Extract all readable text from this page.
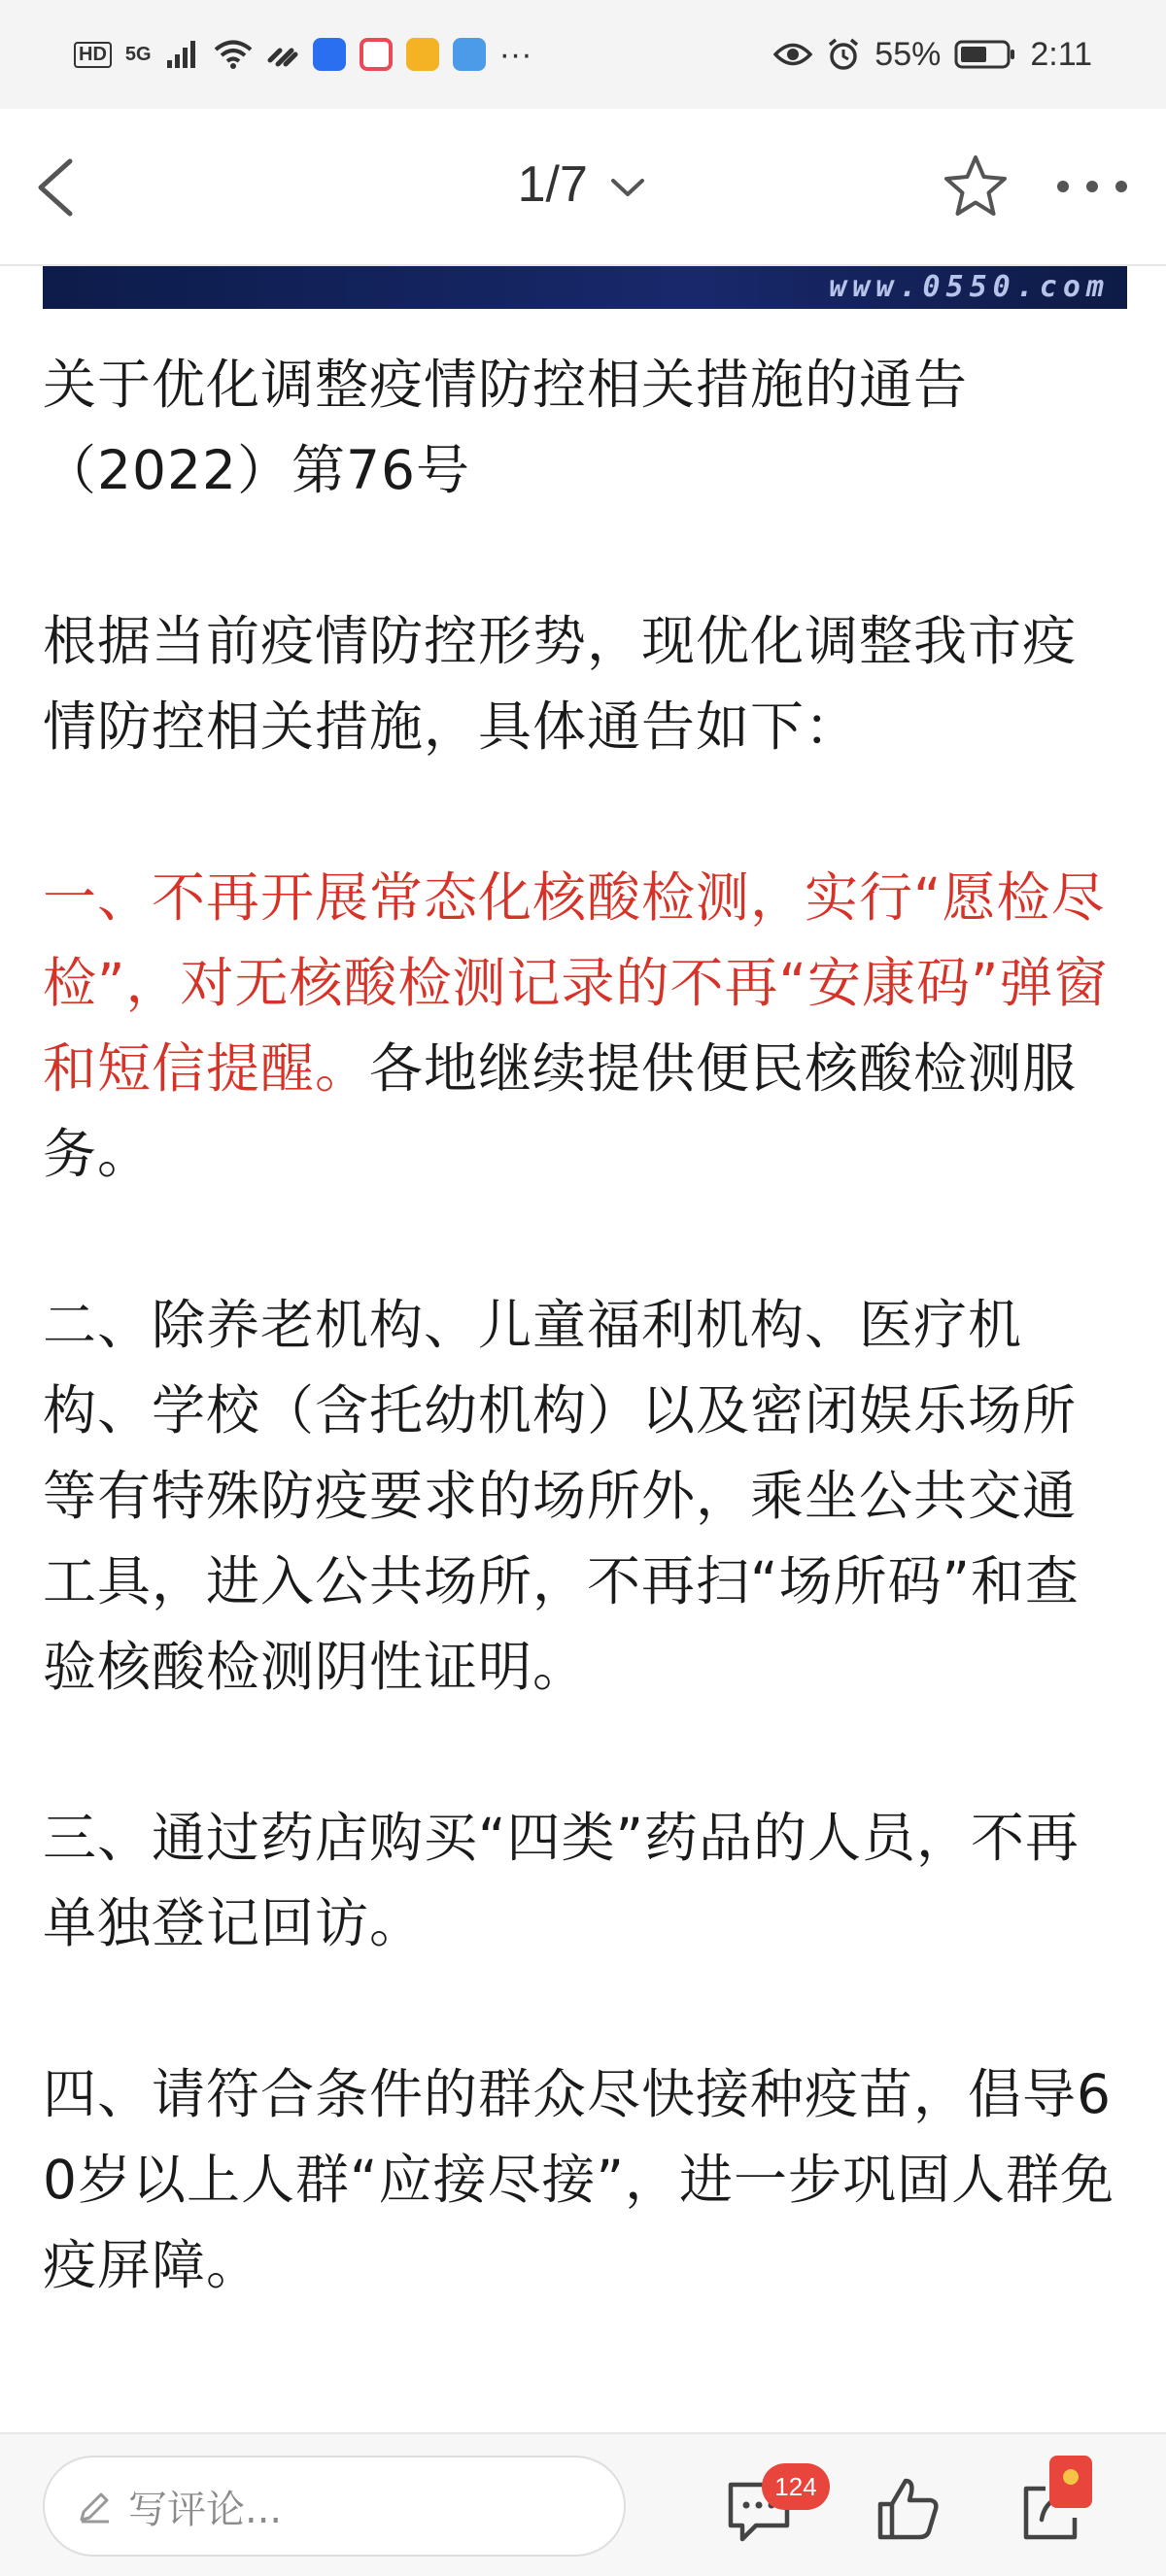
HD 5G	···	55%	2:11
1/7
www.0550.com

关于优化调整疫情防控相关措施的通告
（2022）第76号

根据当前疫情防控形势，现优化调整我市疫情防控相关措施，具体通告如下：

一、不再开展常态化核酸检测，实行“愿检尽检”，对无核酸检测记录的不再“安康码”弹窗和短信提醒。各地继续提供便民核酸检测服务。

二、除养老机构、儿童福利机构、医疗机构、学校（含托幼机构）以及密闭娱乐场所等有特殊防疫要求的场所外，乘坐公共交通工具，进入公共场所，不再扫“场所码”和查验核酸检测阴性证明。

三、通过药店购买“四类”药品的人员，不再单独登记回访。

四、请符合条件的群众尽快接种疫苗，倡导60岁以上人群“应接尽接”，进一步巩固人群免疫屏障。

写评论...
124
